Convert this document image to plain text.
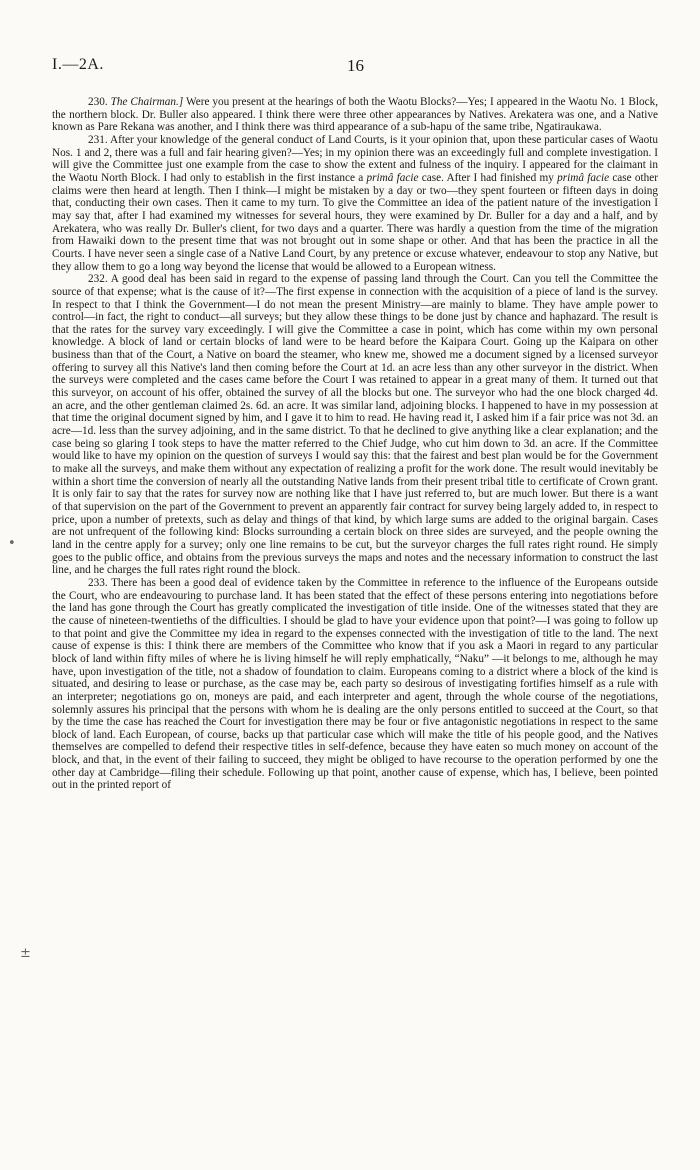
I.—2A.	16

230. The Chairman.] Were you present at the hearings of both the Waotu Blocks?—Yes; I appeared in the Waotu No. 1 Block, the northern block. Dr. Buller also appeared. I think there were three other appearances by Natives. Arekatera was one, and a Native known as Pare Rekana was another, and I think there was third appearance of a sub-hapu of the same tribe, Ngatiraukawa.

231. After your knowledge of the general conduct of Land Courts, is it your opinion that, upon these particular cases of Waotu Nos. 1 and 2, there was a full and fair hearing given?—Yes; in my opinion there was an exceedingly full and complete investigation. I will give the Committee just one example from the case to show the extent and fulness of the inquiry. I appeared for the claimant in the Waotu North Block. I had only to establish in the first instance a primâ facie case. After I had finished my primâ facie case other claims were then heard at length. Then I think—I might be mistaken by a day or two—they spent fourteen or fifteen days in doing that, conducting their own cases. Then it came to my turn. To give the Committee an idea of the patient nature of the investigation I may say that, after I had examined my witnesses for several hours, they were examined by Dr. Buller for a day and a half, and by Arekatera, who was really Dr. Buller's client, for two days and a quarter. There was hardly a question from the time of the migration from Hawaiki down to the present time that was not brought out in some shape or other. And that has been the practice in all the Courts. I have never seen a single case of a Native Land Court, by any pretence or excuse whatever, endeavour to stop any Native, but they allow them to go a long way beyond the license that would be allowed to a European witness.

232. A good deal has been said in regard to the expense of passing land through the Court. Can you tell the Committee the source of that expense; what is the cause of it?—The first expense in connection with the acquisition of a piece of land is the survey. In respect to that I think the Government—I do not mean the present Ministry—are mainly to blame. They have ample power to control—in fact, the right to conduct—all surveys; but they allow these things to be done just by chance and haphazard. The result is that the rates for the survey vary exceedingly. I will give the Committee a case in point, which has come within my own personal knowledge. A block of land or certain blocks of land were to be heard before the Kaipara Court. Going up the Kaipara on other business than that of the Court, a Native on board the steamer, who knew me, showed me a document signed by a licensed surveyor offering to survey all this Native's land then coming before the Court at 1d. an acre less than any other surveyor in the district. When the surveys were completed and the cases came before the Court I was retained to appear in a great many of them. It turned out that this surveyor, on account of his offer, obtained the survey of all the blocks but one. The surveyor who had the one block charged 4d. an acre, and the other gentleman claimed 2s. 6d. an acre. It was similar land, adjoining blocks. I happened to have in my possession at that time the original document signed by him, and I gave it to him to read. He having read it, I asked him if a fair price was not 3d. an acre—1d. less than the survey adjoining, and in the same district. To that he declined to give anything like a clear explanation; and the case being so glaring I took steps to have the matter referred to the Chief Judge, who cut him down to 3d. an acre. If the Committee would like to have my opinion on the question of surveys I would say this: that the fairest and best plan would be for the Government to make all the surveys, and make them without any expectation of realizing a profit for the work done. The result would inevitably be within a short time the conversion of nearly all the outstanding Native lands from their present tribal title to certificate of Crown grant. It is only fair to say that the rates for survey now are nothing like that I have just referred to, but are much lower. But there is a want of that supervision on the part of the Government to prevent an apparently fair contract for survey being largely added to, in respect to price, upon a number of pretexts, such as delay and things of that kind, by which large sums are added to the original bargain. Cases are not unfrequent of the following kind: Blocks surrounding a certain block on three sides are surveyed, and the people owning the land in the centre apply for a survey; only one line remains to be cut, but the surveyor charges the full rates right round. He simply goes to the public office, and obtains from the previous surveys the maps and notes and the necessary information to construct the last line, and he charges the full rates right round the block.

233. There has been a good deal of evidence taken by the Committee in reference to the influence of the Europeans outside the Court, who are endeavouring to purchase land. It has been stated that the effect of these persons entering into negotiations before the land has gone through the Court has greatly complicated the investigation of title inside. One of the witnesses stated that they are the cause of nineteen-twentieths of the difficulties. I should be glad to have your evidence upon that point?—I was going to follow up to that point and give the Committee my idea in regard to the expenses connected with the investigation of title to the land. The next cause of expense is this: I think there are members of the Committee who know that if you ask a Maori in regard to any particular block of land within fifty miles of where he is living himself he will reply emphatically, “Naku” —it belongs to me, although he may have, upon investigation of the title, not a shadow of foundation to claim. Europeans coming to a district where a block of the kind is situated, and desiring to lease or purchase, as the case may be, each party so desirous of investigating fortifies himself as a rule with an interpreter; negotiations go on, moneys are paid, and each interpreter and agent, through the whole course of the negotiations, solemnly assures his principal that the persons with whom he is dealing are the only persons entitled to succeed at the Court, so that by the time the case has reached the Court for investigation there may be four or five antagonistic negotiations in respect to the same block of land. Each European, of course, backs up that particular case which will make the title of his people good, and the Natives themselves are compelled to defend their respective titles in self-defence, because they have eaten so much money on account of the block, and that, in the event of their failing to succeed, they might be obliged to have recourse to the operation performed by one the other day at Cambridge—filing their schedule. Following up that point, another cause of expense, which has, I believe, been pointed out in the printed report of

•
±
